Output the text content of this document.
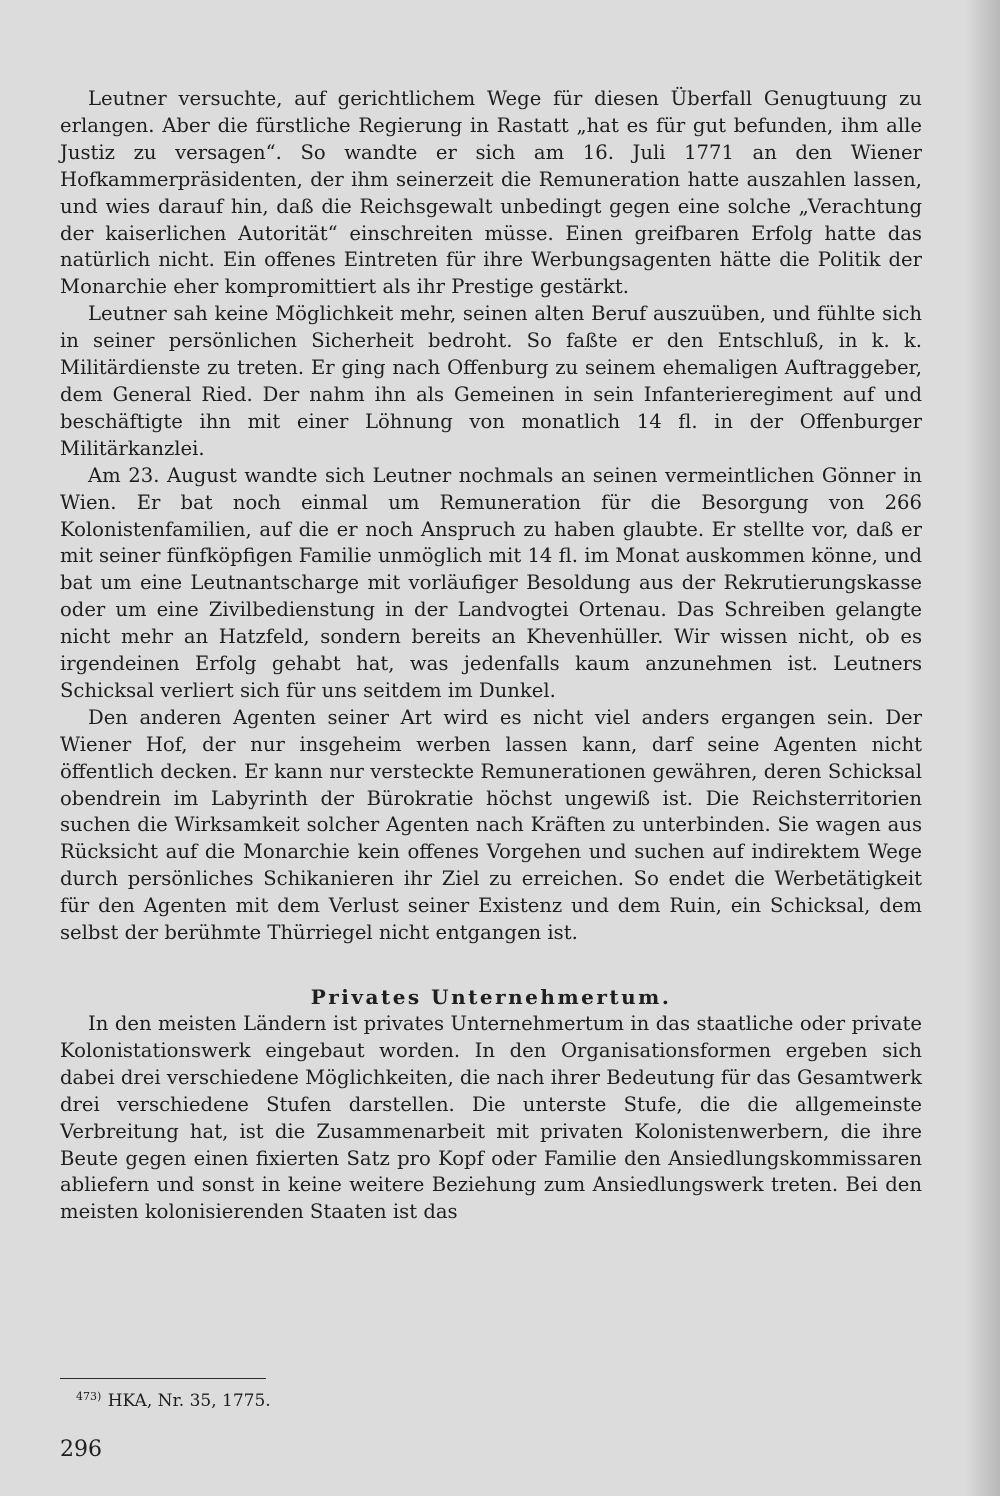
Leutner versuchte, auf gerichtlichem Wege für diesen Überfall Genugtuung zu erlangen. Aber die fürstliche Regierung in Rastatt „hat es für gut befunden, ihm alle Justiz zu versagen“. So wandte er sich am 16. Juli 1771 an den Wiener Hofkammerpräsidenten, der ihm seinerzeit die Remuneration hatte auszahlen lassen, und wies darauf hin, daß die Reichsgewalt unbedingt gegen eine solche „Verachtung der kaiserlichen Autorität“ einschreiten müsse. Einen greifbaren Erfolg hatte das natürlich nicht. Ein offenes Eintreten für ihre Werbungsagenten hätte die Politik der Monarchie eher kompromittiert als ihr Prestige gestärkt.

Leutner sah keine Möglichkeit mehr, seinen alten Beruf auszuüben, und fühlte sich in seiner persönlichen Sicherheit bedroht. So faßte er den Entschluß, in k. k. Militärdienste zu treten. Er ging nach Offenburg zu seinem ehemaligen Auftraggeber, dem General Ried. Der nahm ihn als Gemeinen in sein Infanterieregiment auf und beschäftigte ihn mit einer Löhnung von monatlich 14 fl. in der Offenburger Militärkanzlei.

Am 23. August wandte sich Leutner nochmals an seinen vermeintlichen Gönner in Wien. Er bat noch einmal um Remuneration für die Besorgung von 266 Kolonistenfamilien, auf die er noch Anspruch zu haben glaubte. Er stellte vor, daß er mit seiner fünfköpfigen Familie unmöglich mit 14 fl. im Monat auskommen könne, und bat um eine Leutnantscharge mit vorläufiger Besoldung aus der Rekrutierungskasse oder um eine Zivilbedienstung in der Landvogtei Ortenau. Das Schreiben gelangte nicht mehr an Hatzfeld, sondern bereits an Khevenhüller. Wir wissen nicht, ob es irgendeinen Erfolg gehabt hat, was jedenfalls kaum anzunehmen ist. Leutners Schicksal verliert sich für uns seitdem im Dunkel.

Den anderen Agenten seiner Art wird es nicht viel anders ergangen sein. Der Wiener Hof, der nur insgeheim werben lassen kann, darf seine Agenten nicht öffentlich decken. Er kann nur versteckte Remunerationen gewähren, deren Schicksal obendrein im Labyrinth der Bürokratie höchst ungewiß ist. Die Reichsterritorien suchen die Wirksamkeit solcher Agenten nach Kräften zu unterbinden. Sie wagen aus Rücksicht auf die Monarchie kein offenes Vorgehen und suchen auf indirektem Wege durch persönliches Schikanieren ihr Ziel zu erreichen. So endet die Werbetätigkeit für den Agenten mit dem Verlust seiner Existenz und dem Ruin, ein Schicksal, dem selbst der berühmte Thürriegel nicht entgangen ist.

Privates Unternehmertum.

In den meisten Ländern ist privates Unternehmertum in das staatliche oder private Kolonistationswerk eingebaut worden. In den Organisationsformen ergeben sich dabei drei verschiedene Möglichkeiten, die nach ihrer Bedeutung für das Gesamtwerk drei verschiedene Stufen darstellen. Die unterste Stufe, die die allgemeinste Verbreitung hat, ist die Zusammenarbeit mit privaten Kolonistenwerbern, die ihre Beute gegen einen fixierten Satz pro Kopf oder Familie den Ansiedlungskommissaren abliefern und sonst in keine weitere Beziehung zum Ansiedlungswerk treten. Bei den meisten kolonisierenden Staaten ist das

$^{473)}$ HKA, Nr. 35, 1775.
296
